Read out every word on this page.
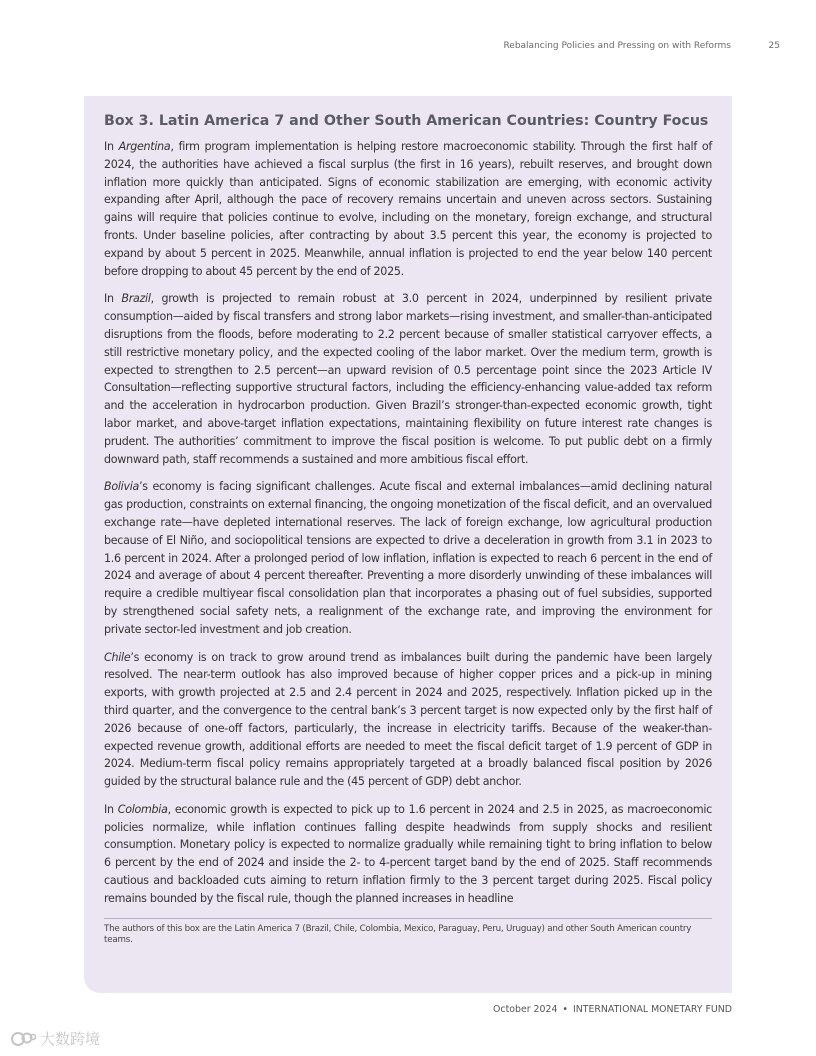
Rebalancing Policies and Pressing on with Reforms	25
Box 3. Latin America 7 and Other South American Countries: Country Focus

In Argentina, firm program implementation is helping restore macroeconomic stability. Through the first half of 2024, the authorities have achieved a fiscal surplus (the first in 16 years), rebuilt reserves, and brought down inflation more quickly than anticipated. Signs of economic stabilization are emerging, with economic activity expanding after April, although the pace of recovery remains uncertain and uneven across sectors. Sustaining gains will require that policies continue to evolve, including on the monetary, foreign exchange, and structural fronts. Under baseline policies, after contracting by about 3.5 percent this year, the economy is projected to expand by about 5 percent in 2025. Meanwhile, annual inflation is projected to end the year below 140 percent before dropping to about 45 percent by the end of 2025.

In Brazil, growth is projected to remain robust at 3.0 percent in 2024, underpinned by resilient private consumption—aided by fiscal transfers and strong labor markets—rising investment, and smaller-than-anticipated disruptions from the floods, before moderating to 2.2 percent because of smaller statistical carryover effects, a still restrictive monetary policy, and the expected cooling of the labor market. Over the medium term, growth is expected to strengthen to 2.5 percent—an upward revision of 0.5 percentage point since the 2023 Article IV Consultation—reflecting supportive structural factors, including the efficiency-enhancing value-added tax reform and the acceleration in hydrocarbon production. Given Brazil’s stronger-than-expected economic growth, tight labor market, and above-target inflation expectations, maintaining flexibility on future interest rate changes is prudent. The authorities’ commitment to improve the fiscal position is welcome. To put public debt on a firmly downward path, staff recommends a sustained and more ambitious fiscal effort.

Bolivia’s economy is facing significant challenges. Acute fiscal and external imbalances—amid declining natural gas production, constraints on external financing, the ongoing monetization of the fiscal deficit, and an overvalued exchange rate—have depleted international reserves. The lack of foreign exchange, low agricultural production because of El Niño, and sociopolitical tensions are expected to drive a deceleration in growth from 3.1 in 2023 to 1.6 percent in 2024. After a prolonged period of low inflation, inflation is expected to reach 6 percent in the end of 2024 and average of about 4 percent thereafter. Preventing a more disorderly unwinding of these imbalances will require a credible multiyear fiscal consolidation plan that incorporates a phasing out of fuel subsidies, supported by strengthened social safety nets, a realignment of the exchange rate, and improving the environment for private sector-led investment and job creation.

Chile’s economy is on track to grow around trend as imbalances built during the pandemic have been largely resolved. The near-term outlook has also improved because of higher copper prices and a pick-up in mining exports, with growth projected at 2.5 and 2.4 percent in 2024 and 2025, respectively. Inflation picked up in the third quarter, and the convergence to the central bank’s 3 percent target is now expected only by the first half of 2026 because of one-off factors, particularly, the increase in electricity tariffs. Because of the weaker-than-expected revenue growth, additional efforts are needed to meet the fiscal deficit target of 1.9 percent of GDP in 2024. Medium-term fiscal policy remains appropriately targeted at a broadly balanced fiscal position by 2026 guided by the structural balance rule and the (45 percent of GDP) debt anchor.

In Colombia, economic growth is expected to pick up to 1.6 percent in 2024 and 2.5 in 2025, as macroeconomic policies normalize, while inflation continues falling despite headwinds from supply shocks and resilient consumption. Monetary policy is expected to normalize gradually while remaining tight to bring inflation to below 6 percent by the end of 2024 and inside the 2- to 4-percent target band by the end of 2025. Staff recommends cautious and backloaded cuts aiming to return inflation firmly to the 3 percent target during 2025. Fiscal policy remains bounded by the fiscal rule, though the planned increases in headline

The authors of this box are the Latin America 7 (Brazil, Chile, Colombia, Mexico, Paraguay, Peru, Uruguay) and other South American country teams.

October 2024 • INTERNATIONAL MONETARY FUND
大数跨境
